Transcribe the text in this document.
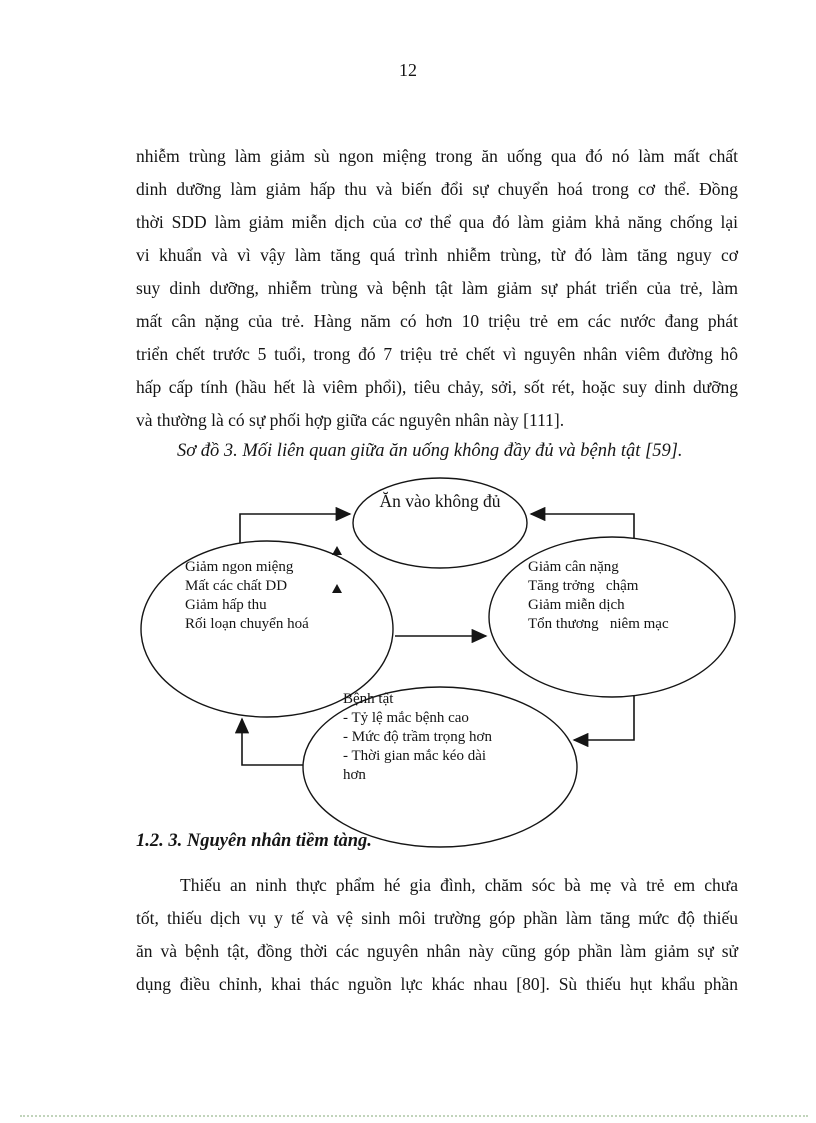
12
nhiễm trùng làm giảm sù ngon miệng trong ăn uống qua đó nó làm mất chất
dinh dưỡng làm giảm hấp thu và biến đổi sự chuyển hoá trong cơ thể. Đồng
thời SDD làm giảm miễn dịch của cơ thể qua đó làm giảm khả năng chống lại
vi khuẩn và vì vậy làm tăng quá trình nhiễm trùng, từ đó làm tăng nguy cơ
suy dinh dưỡng, nhiễm trùng và bệnh tật làm giảm sự phát triển của trẻ, làm
mất cân nặng của trẻ. Hàng năm có hơn 10 triệu trẻ em các nước đang phát
triển chết trước 5 tuổi, trong đó 7 triệu trẻ chết vì nguyên nhân viêm đường hô
hấp cấp tính (hầu hết là viêm phổi), tiêu chảy, sởi, sốt rét, hoặc suy dinh dưỡng
và thường là có sự phối hợp giữa các nguyên nhân này [111].
Sơ đồ 3. Mối liên quan giữa ăn uống không đầy đủ và bệnh tật [59].
Ăn vào không đủ
Giảm ngon miệng
Mất các chất DD
Giảm hấp thu
Rối loạn chuyển hoá
Giảm cân nặng
Tăng trởng   chậm
Giảm miễn dịch
Tổn thương   niêm mạc
Bệnh tật
- Tỷ lệ mắc bệnh cao
- Mức độ trầm trọng hơn
- Thời gian mắc kéo dài
hơn
1.2. 3. Nguyên nhân tiềm tàng.
Thiếu an ninh thực phẩm hé gia đình, chăm sóc bà mẹ và trẻ em chưa
tốt, thiếu dịch vụ y tế và vệ sinh môi trường góp phần làm tăng mức độ thiếu
ăn và bệnh tật, đồng thời các nguyên nhân này cũng góp phần làm giảm sự sử
dụng điều chỉnh, khai thác nguồn lực khác nhau [80]. Sù thiếu hụt khẩu phần
